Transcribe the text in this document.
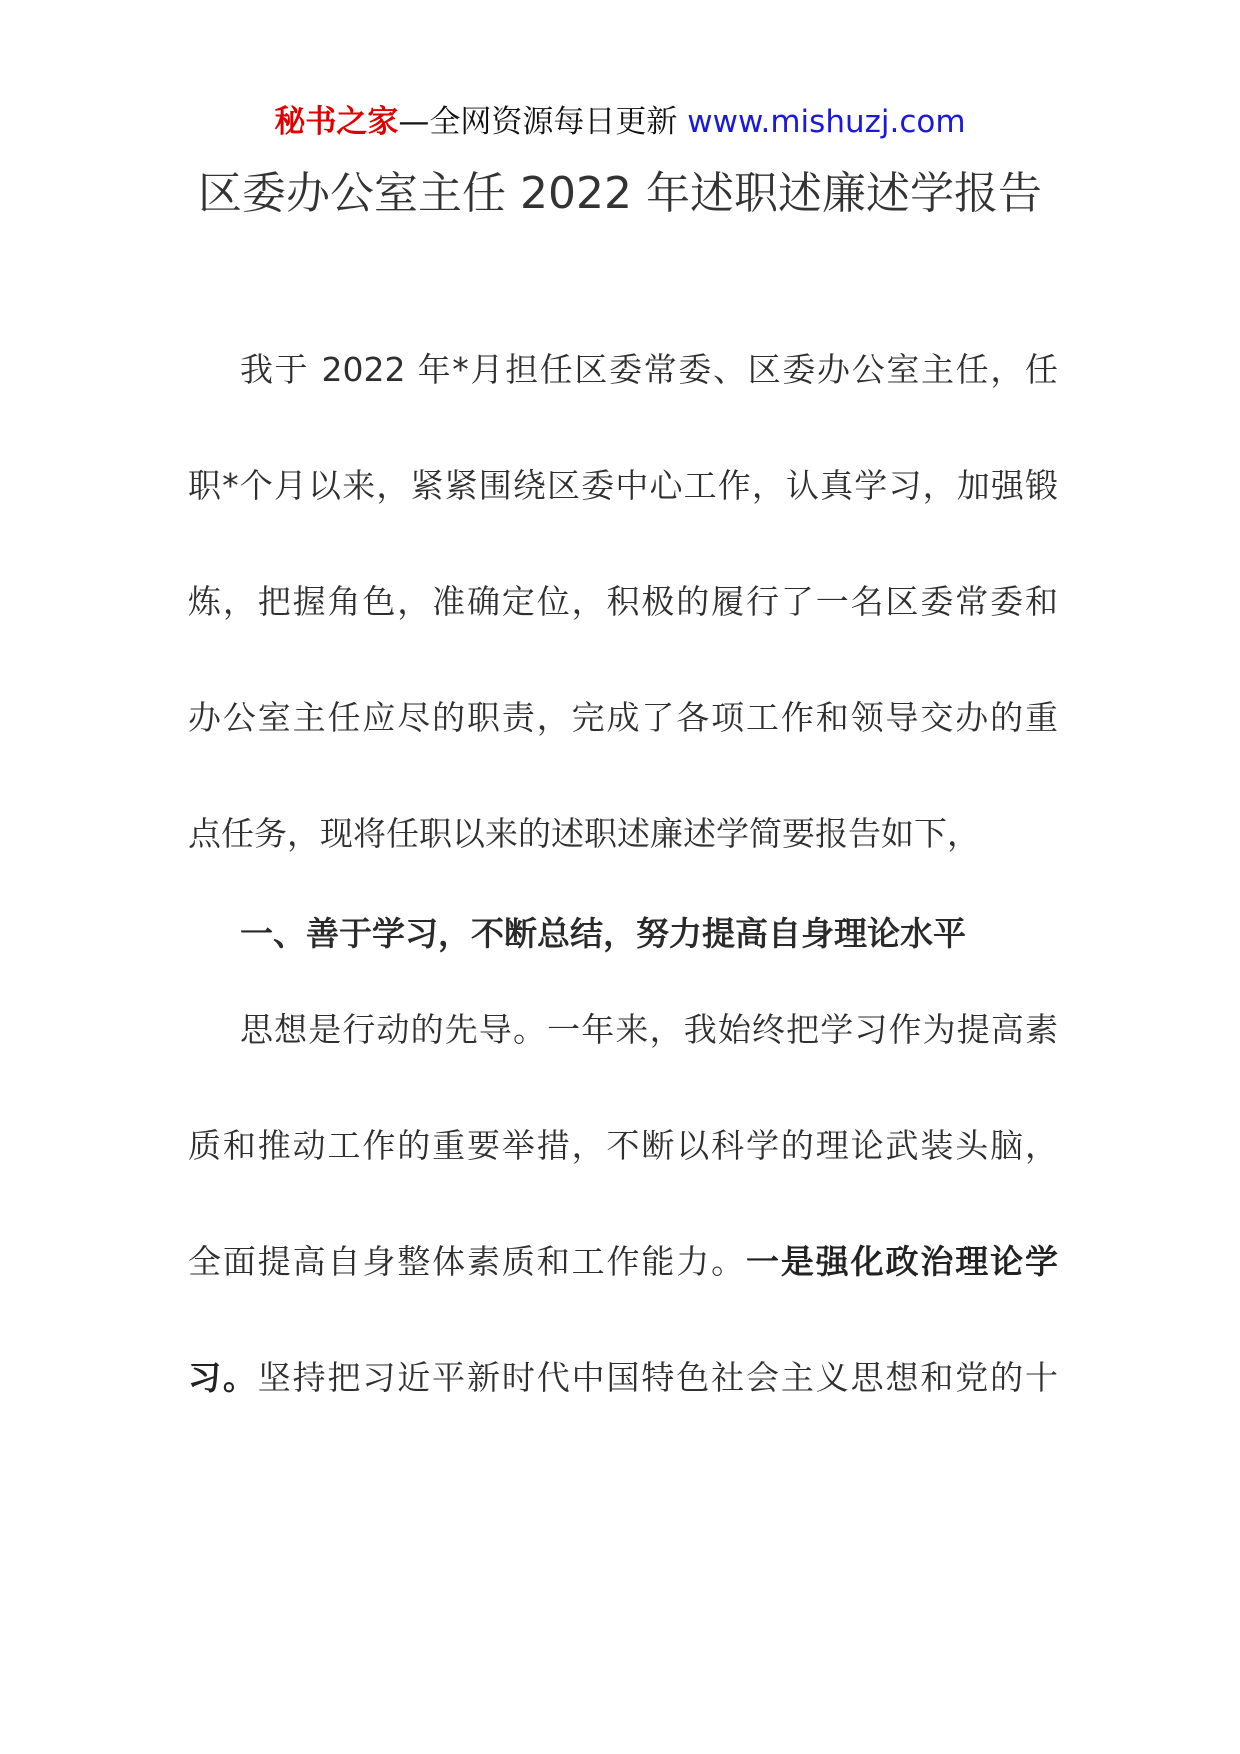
秘书之家—全网资源每日更新 www.mishuzj.com
区委办公室主任 2022 年述职述廉述学报告
我于 2022 年*月担任区委常委、区委办公室主任，任
职*个月以来，紧紧围绕区委中心工作，认真学习，加强锻
炼，把握角色，准确定位，积极的履行了一名区委常委和
办公室主任应尽的职责，完成了各项工作和领导交办的重
点任务，现将任职以来的述职述廉述学简要报告如下，
一、善于学习，不断总结，努力提高自身理论水平
思想是行动的先导。一年来，我始终把学习作为提高素
质和推动工作的重要举措，不断以科学的理论武装头脑，
全面提高自身整体素质和工作能力。一是强化政治理论学
习。坚持把习近平新时代中国特色社会主义思想和党的十
